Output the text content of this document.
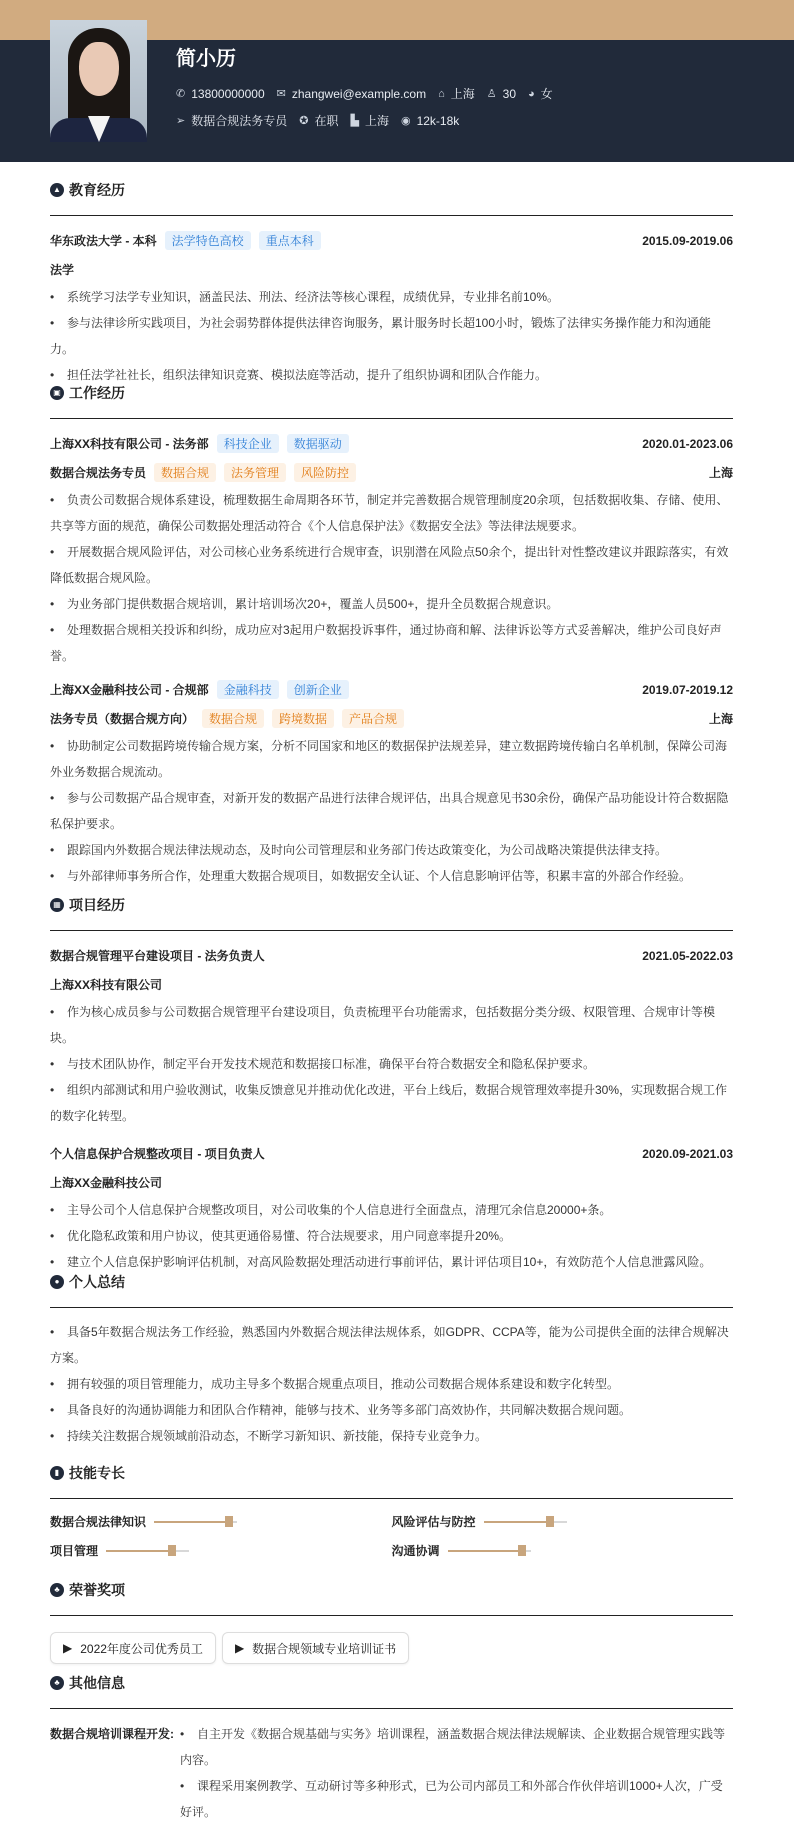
简小历
✆ 13800000000 ✉ zhangwei@example.com ⌂ 上海 ♙ 30 ◕ 女
➢ 数据合规法务专员 ✪ 在职 ▙ 上海 ◉ 12k-18k
▲ 教育经历
华东政法大学 - 本科	法学特色高校	重点本科	2015.09-2019.06
法学
• 系统学习法学专业知识，涵盖民法、刑法、经济法等核心课程，成绩优异，专业排名前10%。
• 参与法律诊所实践项目，为社会弱势群体提供法律咨询服务，累计服务时长超100小时，锻炼了法律实务操作能力和沟通能力。
• 担任法学社社长，组织法律知识竞赛、模拟法庭等活动，提升了组织协调和团队合作能力。
▣ 工作经历
上海XX科技有限公司 - 法务部	科技企业	数据驱动	2020.01-2023.06
数据合规法务专员	数据合规	法务管理	风险防控	上海
• 负责公司数据合规体系建设，梳理数据生命周期各环节，制定并完善数据合规管理制度20余项，包括数据收集、存储、使用、共享等方面的规范，确保公司数据处理活动符合《个人信息保护法》《数据安全法》等法律法规要求。
• 开展数据合规风险评估，对公司核心业务系统进行合规审查，识别潜在风险点50余个，提出针对性整改建议并跟踪落实，有效降低数据合规风险。
• 为业务部门提供数据合规培训，累计培训场次20+，覆盖人员500+，提升全员数据合规意识。
• 处理数据合规相关投诉和纠纷，成功应对3起用户数据投诉事件，通过协商和解、法律诉讼等方式妥善解决，维护公司良好声誉。
上海XX金融科技公司 - 合规部	金融科技	创新企业	2019.07-2019.12
法务专员（数据合规方向）	数据合规	跨境数据	产品合规	上海
• 协助制定公司数据跨境传输合规方案，分析不同国家和地区的数据保护法规差异，建立数据跨境传输白名单机制，保障公司海外业务数据合规流动。
• 参与公司数据产品合规审查，对新开发的数据产品进行法律合规评估，出具合规意见书30余份，确保产品功能设计符合数据隐私保护要求。
• 跟踪国内外数据合规法律法规动态，及时向公司管理层和业务部门传达政策变化，为公司战略决策提供法律支持。
• 与外部律师事务所合作，处理重大数据合规项目，如数据安全认证、个人信息影响评估等，积累丰富的外部合作经验。
▦ 项目经历
数据合规管理平台建设项目 - 法务负责人	2021.05-2022.03
上海XX科技有限公司
• 作为核心成员参与公司数据合规管理平台建设项目，负责梳理平台功能需求，包括数据分类分级、权限管理、合规审计等模块。
• 与技术团队协作，制定平台开发技术规范和数据接口标准，确保平台符合数据安全和隐私保护要求。
• 组织内部测试和用户验收测试，收集反馈意见并推动优化改进，平台上线后，数据合规管理效率提升30%，实现数据合规工作的数字化转型。
个人信息保护合规整改项目 - 项目负责人	2020.09-2021.03
上海XX金融科技公司
• 主导公司个人信息保护合规整改项目，对公司收集的个人信息进行全面盘点，清理冗余信息20000+条。
• 优化隐私政策和用户协议，使其更通俗易懂、符合法规要求，用户同意率提升20%。
• 建立个人信息保护影响评估机制，对高风险数据处理活动进行事前评估，累计评估项目10+，有效防范个人信息泄露风险。
● 个人总结
• 具备5年数据合规法务工作经验，熟悉国内外数据合规法律法规体系，如GDPR、CCPA等，能为公司提供全面的法律合规解决方案。
• 拥有较强的项目管理能力，成功主导多个数据合规重点项目，推动公司数据合规体系建设和数字化转型。
• 具备良好的沟通协调能力和团队合作精神，能够与技术、业务等多部门高效协作，共同解决数据合规问题。
• 持续关注数据合规领域前沿动态，不断学习新知识、新技能，保持专业竞争力。
▮ 技能专长
数据合规法律知识	风险评估与防控
项目管理	沟通协调
♣ 荣誉奖项
▶ 2022年度公司优秀员工	▶ 数据合规领域专业培训证书
♣ 其他信息
数据合规培训课程开发:	• 自主开发《数据合规基础与实务》培训课程，涵盖数据合规法律法规解读、企业数据合规管理实践等内容。
• 课程采用案例教学、互动研讨等多种形式，已为公司内部员工和外部合作伙伴培训1000+人次，广受好评。
